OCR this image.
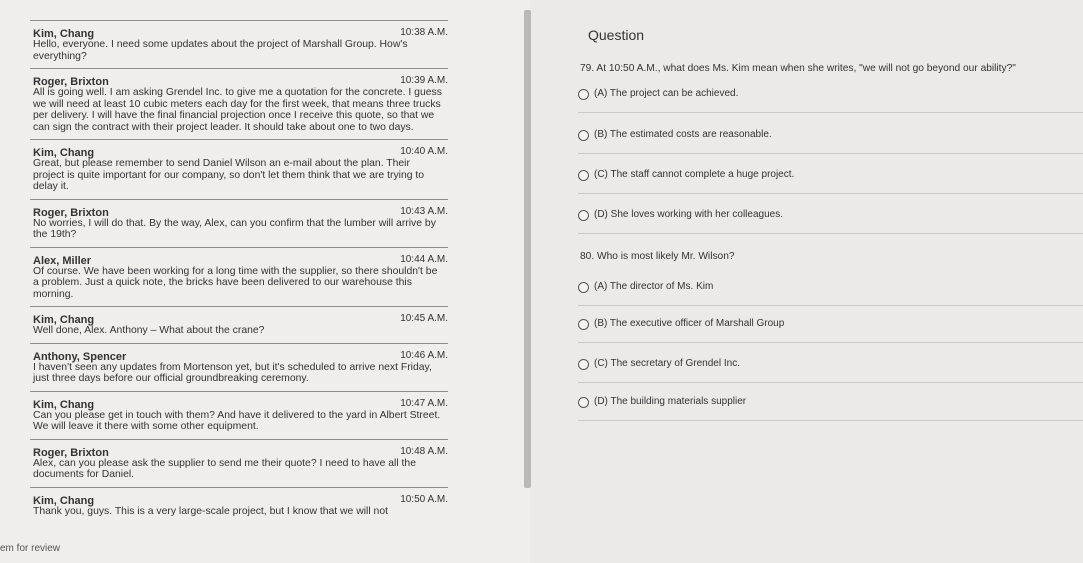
Kim, Chang	10:38 A.M.
Hello, everyone. I need some updates about the project of Marshall Group. How's everything?
Roger, Brixton	10:39 A.M.
All is going well. I am asking Grendel Inc. to give me a quotation for the concrete. I guess we will need at least 10 cubic meters each day for the first week, that means three trucks per delivery. I will have the final financial projection once I receive this quote, so that we can sign the contract with their project leader. It should take about one to two days.
Kim, Chang	10:40 A.M.
Great, but please remember to send Daniel Wilson an e-mail about the plan. Their project is quite important for our company, so don't let them think that we are trying to delay it.
Roger, Brixton	10:43 A.M.
No worries, I will do that. By the way, Alex, can you confirm that the lumber will arrive by the 19th?
Alex, Miller	10:44 A.M.
Of course. We have been working for a long time with the supplier, so there shouldn't be a problem. Just a quick note, the bricks have been delivered to our warehouse this morning.
Kim, Chang	10:45 A.M.
Well done, Alex. Anthony – What about the crane?
Anthony, Spencer	10:46 A.M.
I haven't seen any updates from Mortenson yet, but it's scheduled to arrive next Friday, just three days before our official groundbreaking ceremony.
Kim, Chang	10:47 A.M.
Can you please get in touch with them? And have it delivered to the yard in Albert Street. We will leave it there with some other equipment.
Roger, Brixton	10:48 A.M.
Alex, can you please ask the supplier to send me their quote? I need to have all the documents for Daniel.
Kim, Chang	10:50 A.M.
Thank you, guys. This is a very large-scale project, but I know that we will not
em for review
Question
79. At 10:50 A.M., what does Ms. Kim mean when she writes, "we will not go beyond our ability?"
(A) The project can be achieved.
(B) The estimated costs are reasonable.
(C) The staff cannot complete a huge project.
(D) She loves working with her colleagues.
80. Who is most likely Mr. Wilson?
(A) The director of Ms. Kim
(B) The executive officer of Marshall Group
(C) The secretary of Grendel Inc.
(D) The building materials supplier
